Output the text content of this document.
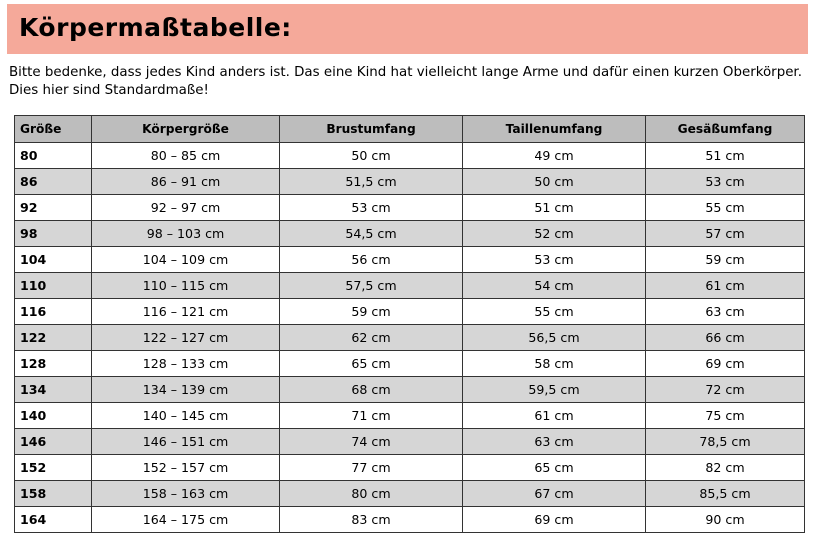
Körpermaßtabelle:

Bitte bedenke, dass jedes Kind anders ist. Das eine Kind hat vielleicht lange Arme und dafür einen kurzen Oberkörper. Dies hier sind Standardmaße!

Größe	Körpergröße	Brustumfang	Taillenumfang	Gesäßumfang
80	80 – 85 cm	50 cm	49 cm	51 cm
86	86 – 91 cm	51,5 cm	50 cm	53 cm
92	92 – 97 cm	53 cm	51 cm	55 cm
98	98 – 103 cm	54,5 cm	52 cm	57 cm
104	104 – 109 cm	56 cm	53 cm	59 cm
110	110 – 115 cm	57,5 cm	54 cm	61 cm
116	116 – 121 cm	59 cm	55 cm	63 cm
122	122 – 127 cm	62 cm	56,5 cm	66 cm
128	128 – 133 cm	65 cm	58 cm	69 cm
134	134 – 139 cm	68 cm	59,5 cm	72 cm
140	140 – 145 cm	71 cm	61 cm	75 cm
146	146 – 151 cm	74 cm	63 cm	78,5 cm
152	152 – 157 cm	77 cm	65 cm	82 cm
158	158 – 163 cm	80 cm	67 cm	85,5 cm
164	164 – 175 cm	83 cm	69 cm	90 cm
